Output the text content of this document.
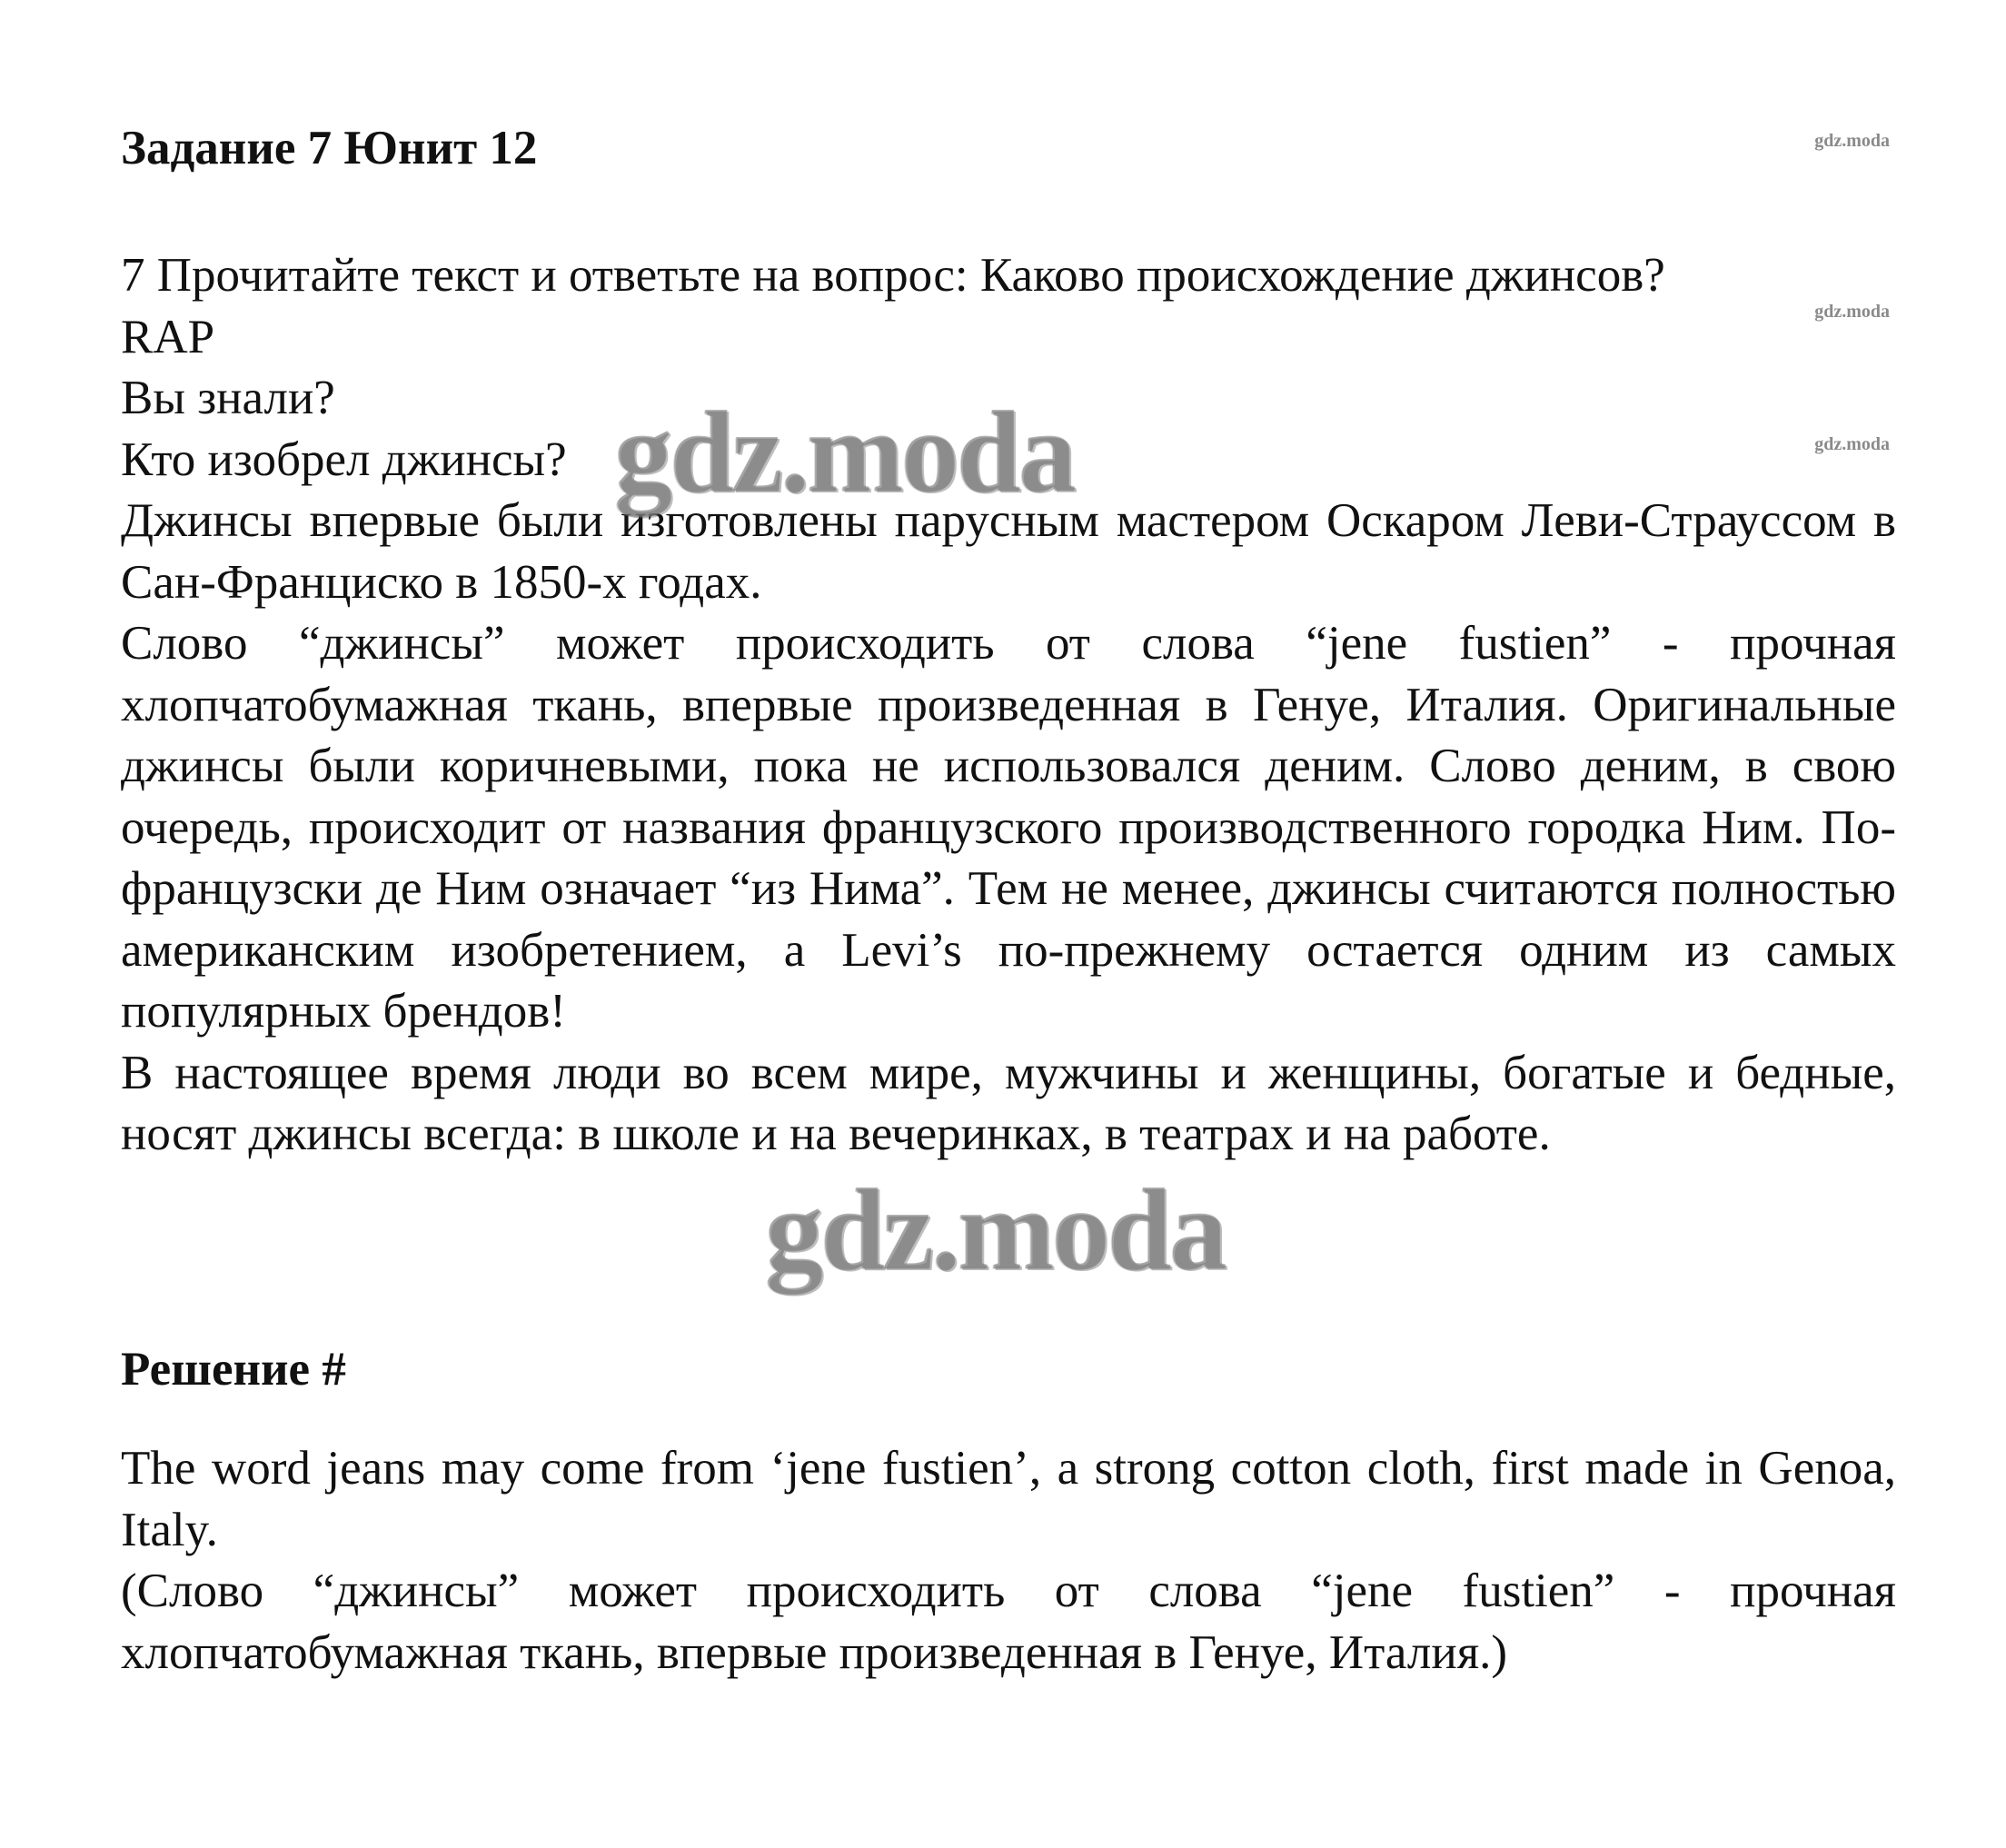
Задание 7 Юнит 12

7 Прочитайте текст и ответьте на вопрос: Каково происхождение джинсов?

RAP

Вы знали?

Кто изобрел джинсы?

Джинсы впервые были изготовлены парусным мастером Оскаром Леви-Страуссом в Сан-Франциско в 1850-х годах.

Слово “джинсы” может происходить от слова “jene fustien” - прочная хлопчатобумажная ткань, впервые произведенная в Генуе, Италия. Оригинальные джинсы были коричневыми, пока не использовался деним. Слово деним, в свою очередь, происходит от названия французского производственного городка Ним. По-французски де Ним означает “из Нима”. Тем не менее, джинсы считаются полностью американским изобретением, а Levi’s по-прежнему остается одним из самых популярных брендов!

В настоящее время люди во всем мире, мужчины и женщины, богатые и бедные, носят джинсы всегда: в школе и на вечеринках, в театрах и на работе.

Решение #

The word jeans may come from ‘jene fustien’, a strong cotton cloth, first made in Genoa, Italy.

(Слово “джинсы” может происходить от слова “jene fustien” - прочная хлопчатобумажная ткань, впервые произведенная в Генуе, Италия.)

gdz.moda
gdz.moda
gdz.moda
gdz.moda
gdz.moda
